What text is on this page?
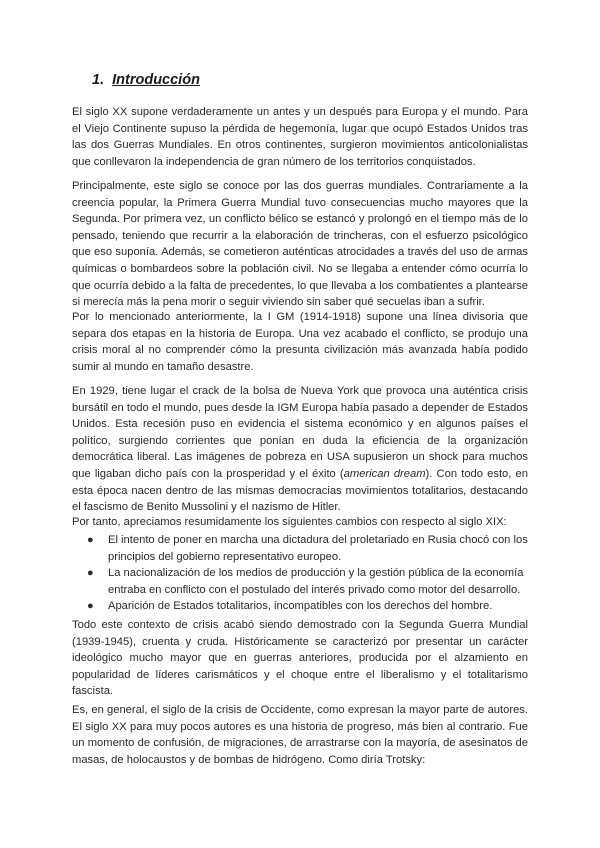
1. Introducción

El siglo XX supone verdaderamente un antes y un después para Europa y el mundo. Para el Viejo Continente supuso la pérdida de hegemonía, lugar que ocupó Estados Unidos tras las dos Guerras Mundiales. En otros continentes, surgieron movimientos anticolonialistas que conllevaron la independencia de gran número de los territorios conquistados.

Principalmente, este siglo se conoce por las dos guerras mundiales. Contrariamente a la creencia popular, la Primera Guerra Mundial tuvo consecuencias mucho mayores que la Segunda. Por primera vez, un conflicto bélico se estancó y prolongó en el tiempo más de lo pensado, teniendo que recurrir a la elaboración de trincheras, con el esfuerzo psicológico que eso suponía. Además, se cometieron auténticas atrocidades a través del uso de armas químicas o bombardeos sobre la población civil. No se llegaba a entender cómo ocurría lo que ocurría debido a la falta de precedentes, lo que llevaba a los combatientes a plantearse si merecía más la pena morir o seguir viviendo sin saber qué secuelas iban a sufrir.

Por lo mencionado anteriormente, la I GM (1914-1918) supone una línea divisoria que separa dos etapas en la historia de Europa. Una vez acabado el conflicto, se produjo una crisis moral al no comprender cómo la presunta civilización más avanzada había podido sumir al mundo en tamaño desastre.

En 1929, tiene lugar el crack de la bolsa de Nueva York que provoca una auténtica crisis bursátil en todo el mundo, pues desde la IGM Europa había pasado a depender de Estados Unidos. Esta recesión puso en evidencia el sistema económico y en algunos países el político, surgiendo corrientes que ponían en duda la eficiencia de la organización democrática liberal. Las imágenes de pobreza en USA supusieron un shock para muchos que ligaban dicho país con la prosperidad y el éxito (american dream). Con todo esto, en esta época nacen dentro de las mismas democracias movimientos totalitarios, destacando el fascismo de Benito Mussolini y el nazismo de Hitler.

Por tanto, apreciamos resumidamente los siguientes cambios con respecto al siglo XIX:

● El intento de poner en marcha una dictadura del proletariado en Rusia chocó con los principios del gobierno representativo europeo.
● La nacionalización de los medios de producción y la gestión pública de la economía entraba en conflicto con el postulado del interés privado como motor del desarrollo.
● Aparición de Estados totalitarios, incompatibles con los derechos del hombre.

Todo este contexto de crisis acabó siendo demostrado con la Segunda Guerra Mundial (1939-1945), cruenta y cruda. Históricamente se caracterizó por presentar un carácter ideológico mucho mayor que en guerras anteriores, producida por el alzamiento en popularidad de líderes carismáticos y el choque entre el liberalismo y el totalitarismo fascista.

Es, en general, el siglo de la crisis de Occidente, como expresan la mayor parte de autores. El siglo XX para muy pocos autores es una historia de progreso, más bien al contrario. Fue un momento de confusión, de migraciones, de arrastrarse con la mayoría, de asesinatos de masas, de holocaustos y de bombas de hidrógeno. Como diría Trotsky:
